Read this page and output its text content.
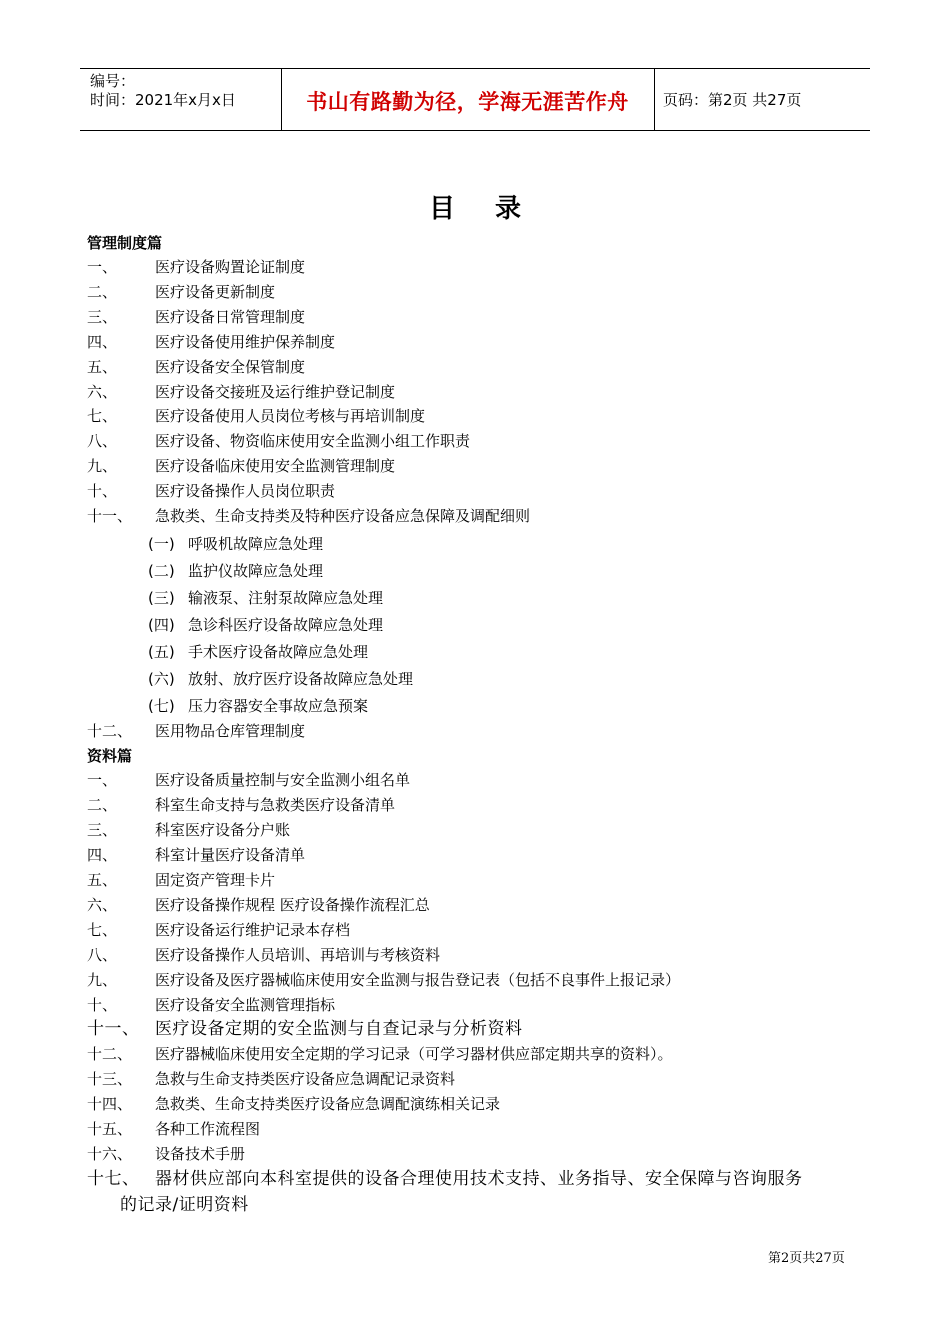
编号：
时间：2021年x月x日	书山有路勤为径，学海无涯苦作舟	页码：第2页 共27页
目 录
管理制度篇
一、	医疗设备购置论证制度
二、	医疗设备更新制度
三、	医疗设备日常管理制度
四、	医疗设备使用维护保养制度
五、	医疗设备安全保管制度
六、	医疗设备交接班及运行维护登记制度
七、	医疗设备使用人员岗位考核与再培训制度
八、	医疗设备、物资临床使用安全监测小组工作职责
九、	医疗设备临床使用安全监测管理制度
十、	医疗设备操作人员岗位职责
十一、 急救类、生命支持类及特种医疗设备应急保障及调配细则
(一) 呼吸机故障应急处理
(二) 监护仪故障应急处理
(三) 输液泵、注射泵故障应急处理
(四) 急诊科医疗设备故障应急处理
(五) 手术医疗设备故障应急处理
(六) 放射、放疗医疗设备故障应急处理
(七) 压力容器安全事故应急预案
十二、 医用物品仓库管理制度
资料篇
一、	医疗设备质量控制与安全监测小组名单
二、	科室生命支持与急救类医疗设备清单
三、	科室医疗设备分户账
四、	科室计量医疗设备清单
五、	固定资产管理卡片
六、	医疗设备操作规程 医疗设备操作流程汇总
七、	医疗设备运行维护记录本存档
八、	医疗设备操作人员培训、再培训与考核资料
九、	医疗设备及医疗器械临床使用安全监测与报告登记表（包括不良事件上报记录）
十、	医疗设备安全监测管理指标
十一、 医疗设备定期的安全监测与自查记录与分析资料
十二、 医疗器械临床使用安全定期的学习记录（可学习器材供应部定期共享的资料）。
十三、 急救与生命支持类医疗设备应急调配记录资料
十四、 急救类、生命支持类医疗设备应急调配演练相关记录
十五、 各种工作流程图
十六、 设备技术手册
十七、 器材供应部向本科室提供的设备合理使用技术支持、业务指导、安全保障与咨询服务
的记录/证明资料
第2页共27页
